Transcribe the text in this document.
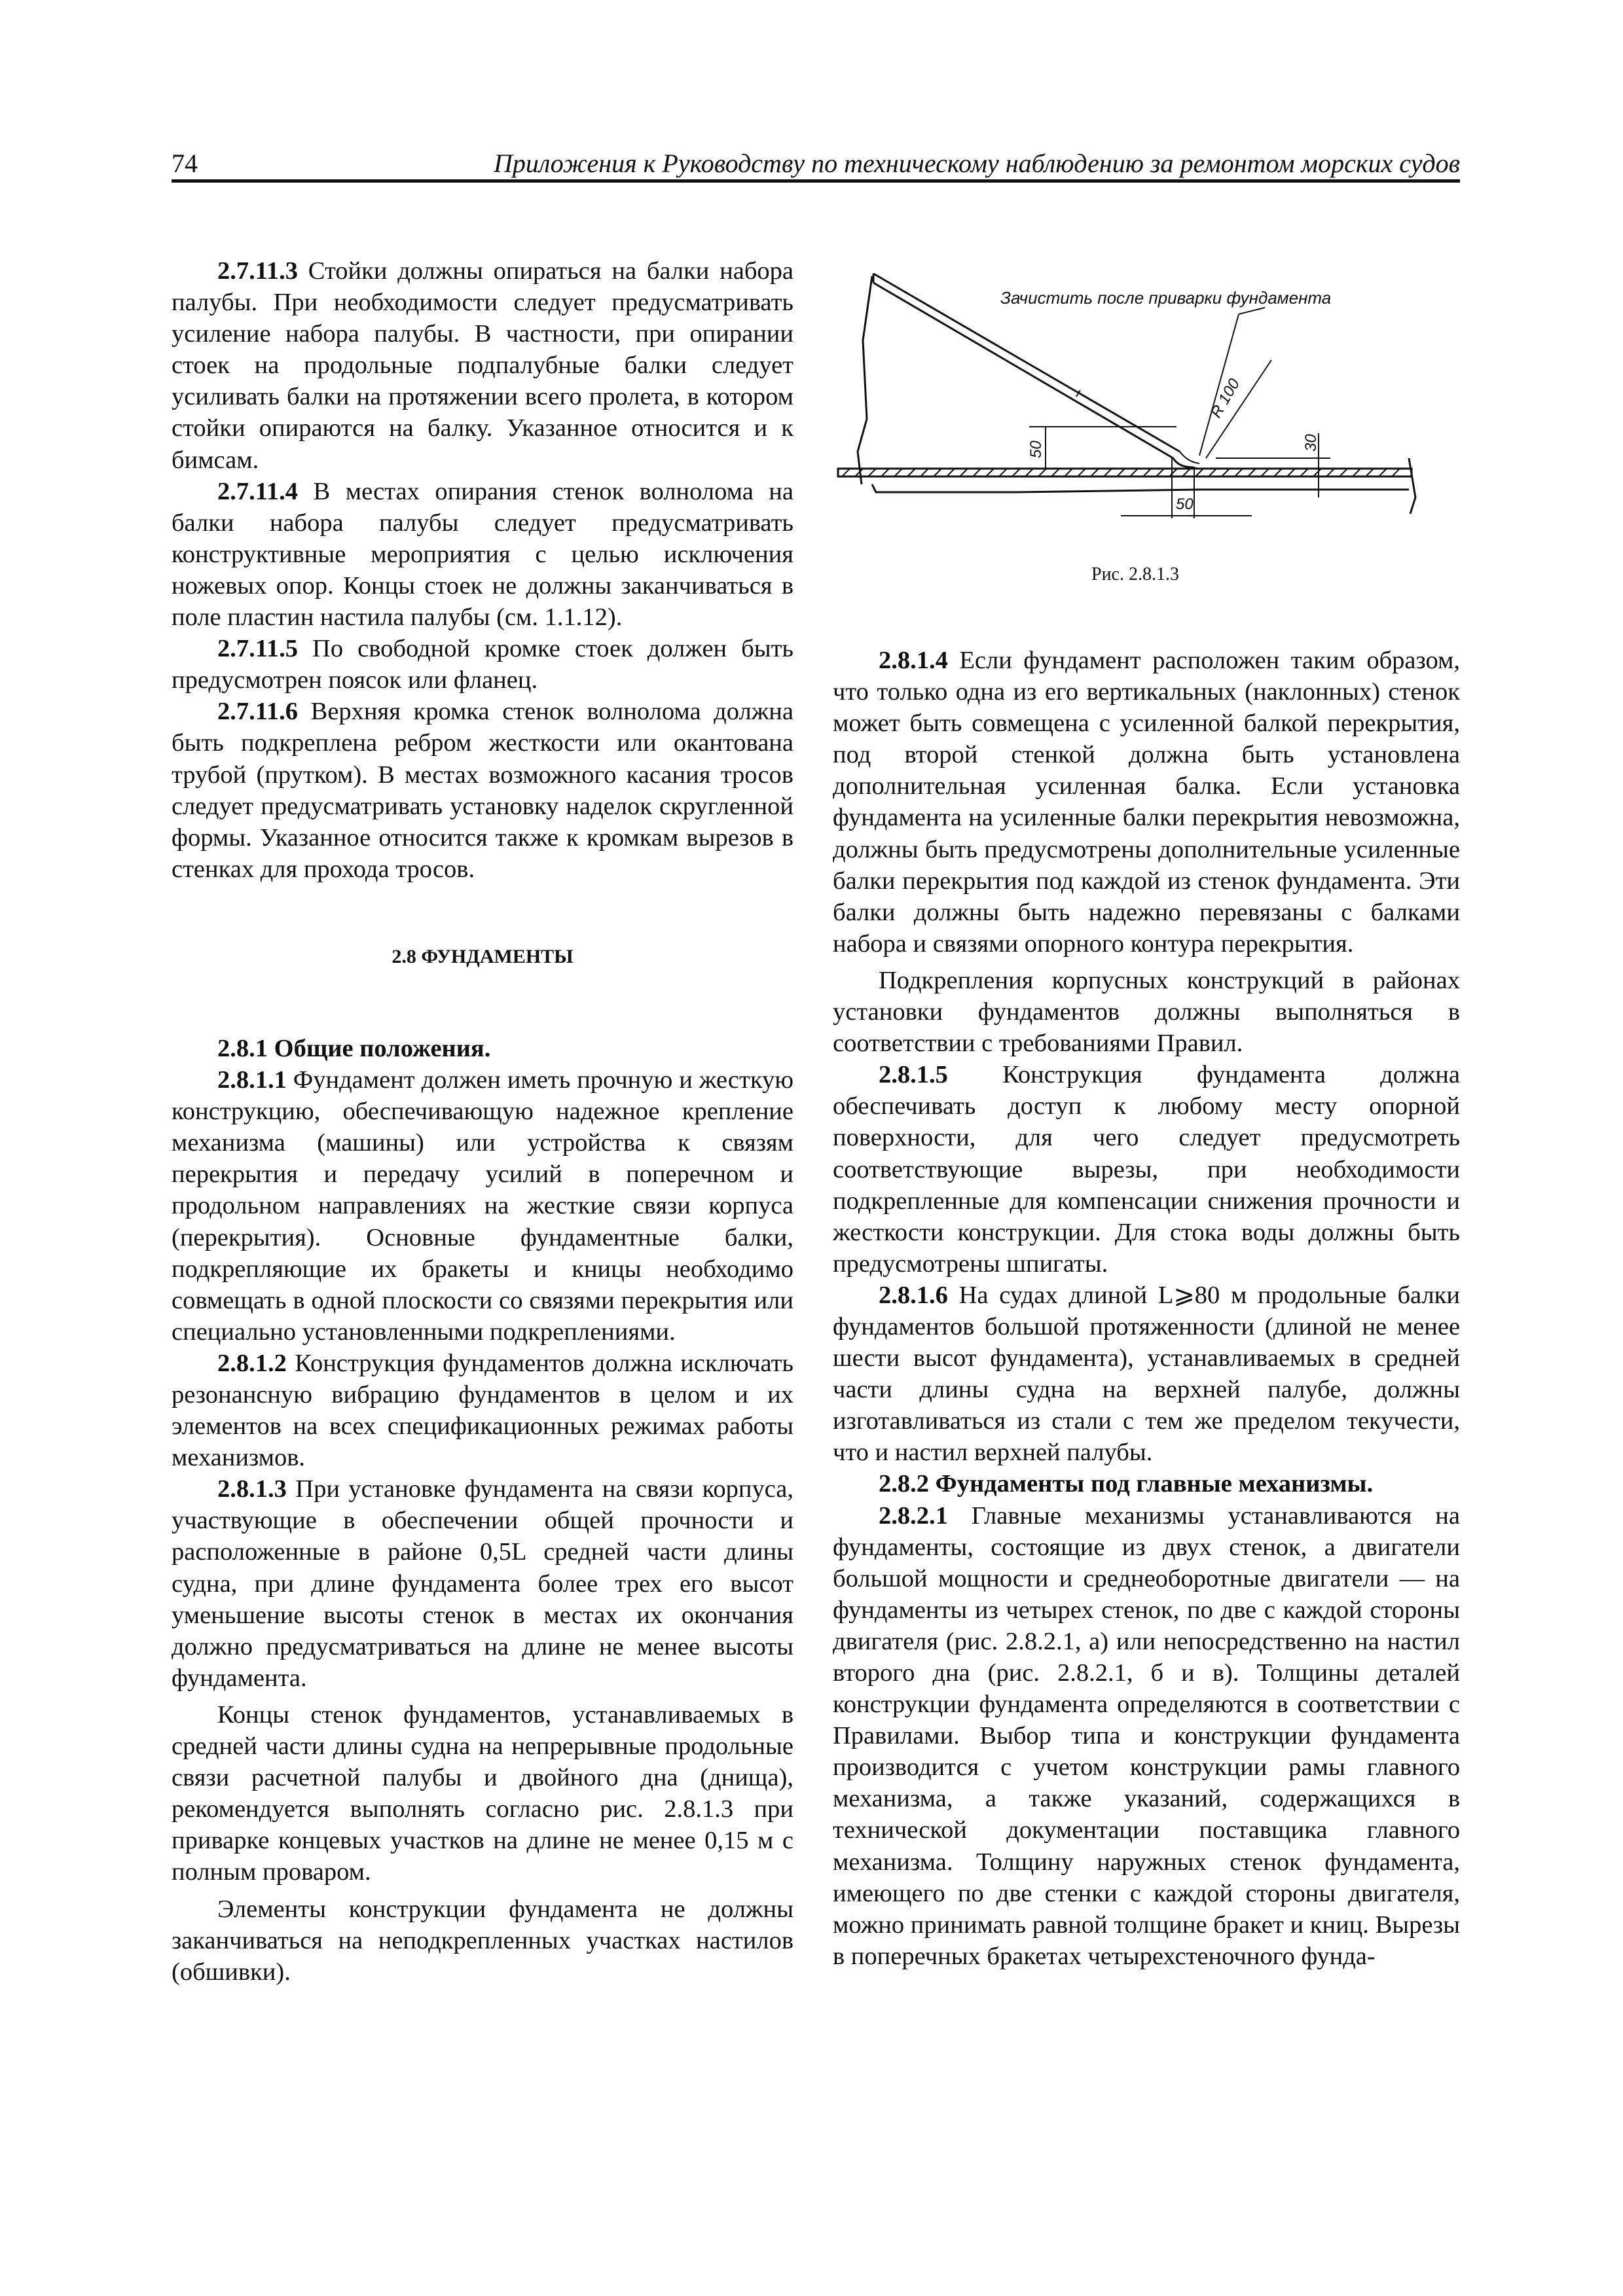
74	Приложения к Руководству по техническому наблюдению за ремонтом морских судов

2.7.11.3 Стойки должны опираться на балки набора палубы. При необходимости следует предусматривать усиление набора палубы. В частности, при опирании стоек на продольные подпалубные балки следует усиливать балки на протяжении всего пролета, в котором стойки опираются на балку. Указанное относится и к бимсам.

2.7.11.4 В местах опирания стенок волнолома на балки набора палубы следует предусматривать конструктивные мероприятия с целью исключения ножевых опор. Концы стоек не должны заканчиваться в поле пластин настила палубы (см. 1.1.12).

2.7.11.5 По свободной кромке стоек должен быть предусмотрен поясок или фланец.

2.7.11.6 Верхняя кромка стенок волнолома должна быть подкреплена ребром жесткости или окантована трубой (прутком). В местах возможного касания тросов следует предусматривать установку наделок скругленной формы. Указанное относится также к кромкам вырезов в стенках для прохода тросов.

2.8 ФУНДАМЕНТЫ

2.8.1 Общие положения.

2.8.1.1 Фундамент должен иметь прочную и жесткую конструкцию, обеспечивающую надежное крепление механизма (машины) или устройства к связям перекрытия и передачу усилий в поперечном и продольном направлениях на жесткие связи корпуса (перекрытия). Основные фундаментные балки, подкрепляющие их бракеты и кницы необходимо совмещать в одной плоскости со связями перекрытия или специально установленными подкреплениями.

2.8.1.2 Конструкция фундаментов должна исключать резонансную вибрацию фундаментов в целом и их элементов на всех спецификационных режимах работы механизмов.

2.8.1.3 При установке фундамента на связи корпуса, участвующие в обеспечении общей прочности и расположенные в районе 0,5L средней части длины судна, при длине фундамента более трех его высот уменьшение высоты стенок в местах их окончания должно предусматриваться на длине не менее высоты фундамента.

Концы стенок фундаментов, устанавливаемых в средней части длины судна на непрерывные продольные связи расчетной палубы и двойного дна (днища), рекомендуется выполнять согласно рис. 2.8.1.3 при приварке концевых участков на длине не менее 0,15 м с полным проваром.

Элементы конструкции фундамента не должны заканчиваться на неподкрепленных участках настилов (обшивки).

R 100
50	30
50
Зачистить после приварки фундамента
Рис. 2.8.1.3

2.8.1.4 Если фундамент расположен таким образом, что только одна из его вертикальных (наклонных) стенок может быть совмещена с усиленной балкой перекрытия, под второй стенкой должна быть установлена дополнительная усиленная балка. Если установка фундамента на усиленные балки перекрытия невозможна, должны быть предусмотрены дополнительные усиленные балки перекрытия под каждой из стенок фундамента. Эти балки должны быть надежно перевязаны с балками набора и связями опорного контура перекрытия.

Подкрепления корпусных конструкций в районах установки фундаментов должны выполняться в соответствии с требованиями Правил.

2.8.1.5 Конструкция фундамента должна обеспечивать доступ к любому месту опорной поверхности, для чего следует предусмотреть соответствующие вырезы, при необходимости подкрепленные для компенсации снижения прочности и жесткости конструкции. Для стока воды должны быть предусмотрены шпигаты.

2.8.1.6 На судах длиной L⩾80 м продольные балки фундаментов большой протяженности (длиной не менее шести высот фундамента), устанавливаемых в средней части длины судна на верхней палубе, должны изготавливаться из стали с тем же пределом текучести, что и настил верхней палубы.

2.8.2 Фундаменты под главные механизмы.

2.8.2.1 Главные механизмы устанавливаются на фундаменты, состоящие из двух стенок, а двигатели большой мощности и среднеоборотные двигатели — на фундаменты из четырех стенок, по две с каждой стороны двигателя (рис. 2.8.2.1, а) или непосредственно на настил второго дна (рис. 2.8.2.1, б и в). Толщины деталей конструкции фундамента определяются в соответствии с Правилами. Выбор типа и конструкции фундамента производится с учетом конструкции рамы главного механизма, а также указаний, содержащихся в технической документации поставщика главного механизма. Толщину наружных стенок фундамента, имеющего по две стенки с каждой стороны двигателя, можно принимать равной толщине бракет и книц. Вырезы в поперечных бракетах четырехстеночного фунда-
